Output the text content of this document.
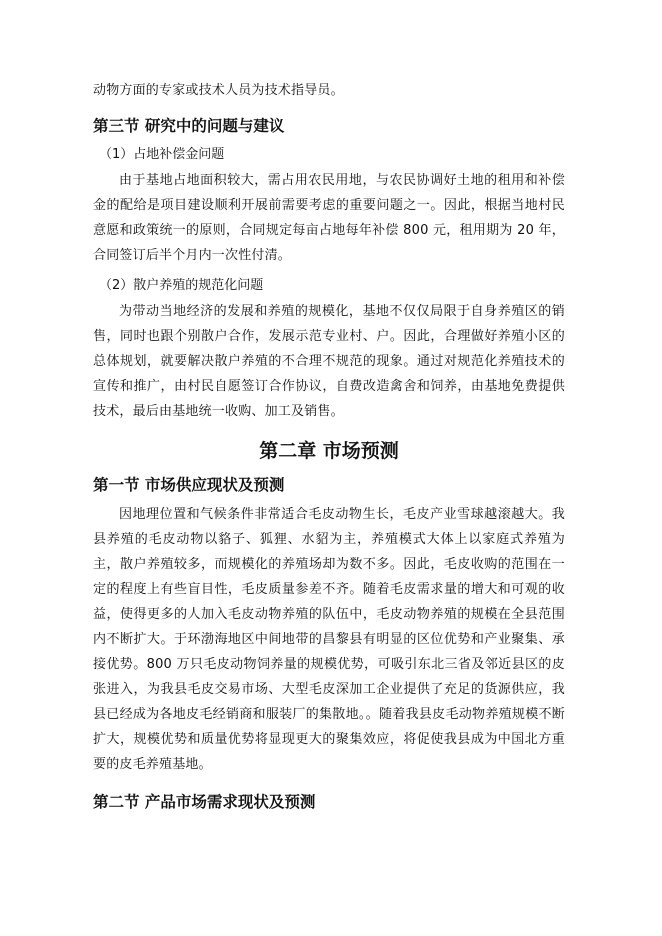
动物方面的专家或技术人员为技术指导员。

第三节 研究中的问题与建议

（1）占地补偿金问题

由于基地占地面积较大，需占用农民用地，与农民协调好土地的租用和补偿金的配给是项目建设顺利开展前需要考虑的重要问题之一。因此，根据当地村民意愿和政策统一的原则，合同规定每亩占地每年补偿 800 元，租用期为 20 年，合同签订后半个月内一次性付清。

（2）散户养殖的规范化问题

为带动当地经济的发展和养殖的规模化，基地不仅仅局限于自身养殖区的销售，同时也跟个别散户合作，发展示范专业村、户。因此，合理做好养殖小区的总体规划，就要解决散户养殖的不合理不规范的现象。通过对规范化养殖技术的宣传和推广，由村民自愿签订合作协议，自费改造禽舍和饲养，由基地免费提供技术，最后由基地统一收购、加工及销售。

第二章 市场预测
第一节 市场供应现状及预测

因地理位置和气候条件非常适合毛皮动物生长，毛皮产业雪球越滚越大。我县养殖的毛皮动物以貉子、狐狸、水貂为主，养殖模式大体上以家庭式养殖为主，散户养殖较多，而规模化的养殖场却为数不多。因此，毛皮收购的范围在一定的程度上有些盲目性，毛皮质量参差不齐。随着毛皮需求量的增大和可观的收益，使得更多的人加入毛皮动物养殖的队伍中，毛皮动物养殖的规模在全县范围内不断扩大。于环渤海地区中间地带的昌黎县有明显的区位优势和产业聚集、承接优势。800 万只毛皮动物饲养量的规模优势，可吸引东北三省及邻近县区的皮张进入，为我县毛皮交易市场、大型毛皮深加工企业提供了充足的货源供应，我县已经成为各地皮毛经销商和服装厂的集散地。。随着我县皮毛动物养殖规模不断扩大，规模优势和质量优势将显现更大的聚集效应，将促使我县成为中国北方重要的皮毛养殖基地。

第二节 产品市场需求现状及预测
